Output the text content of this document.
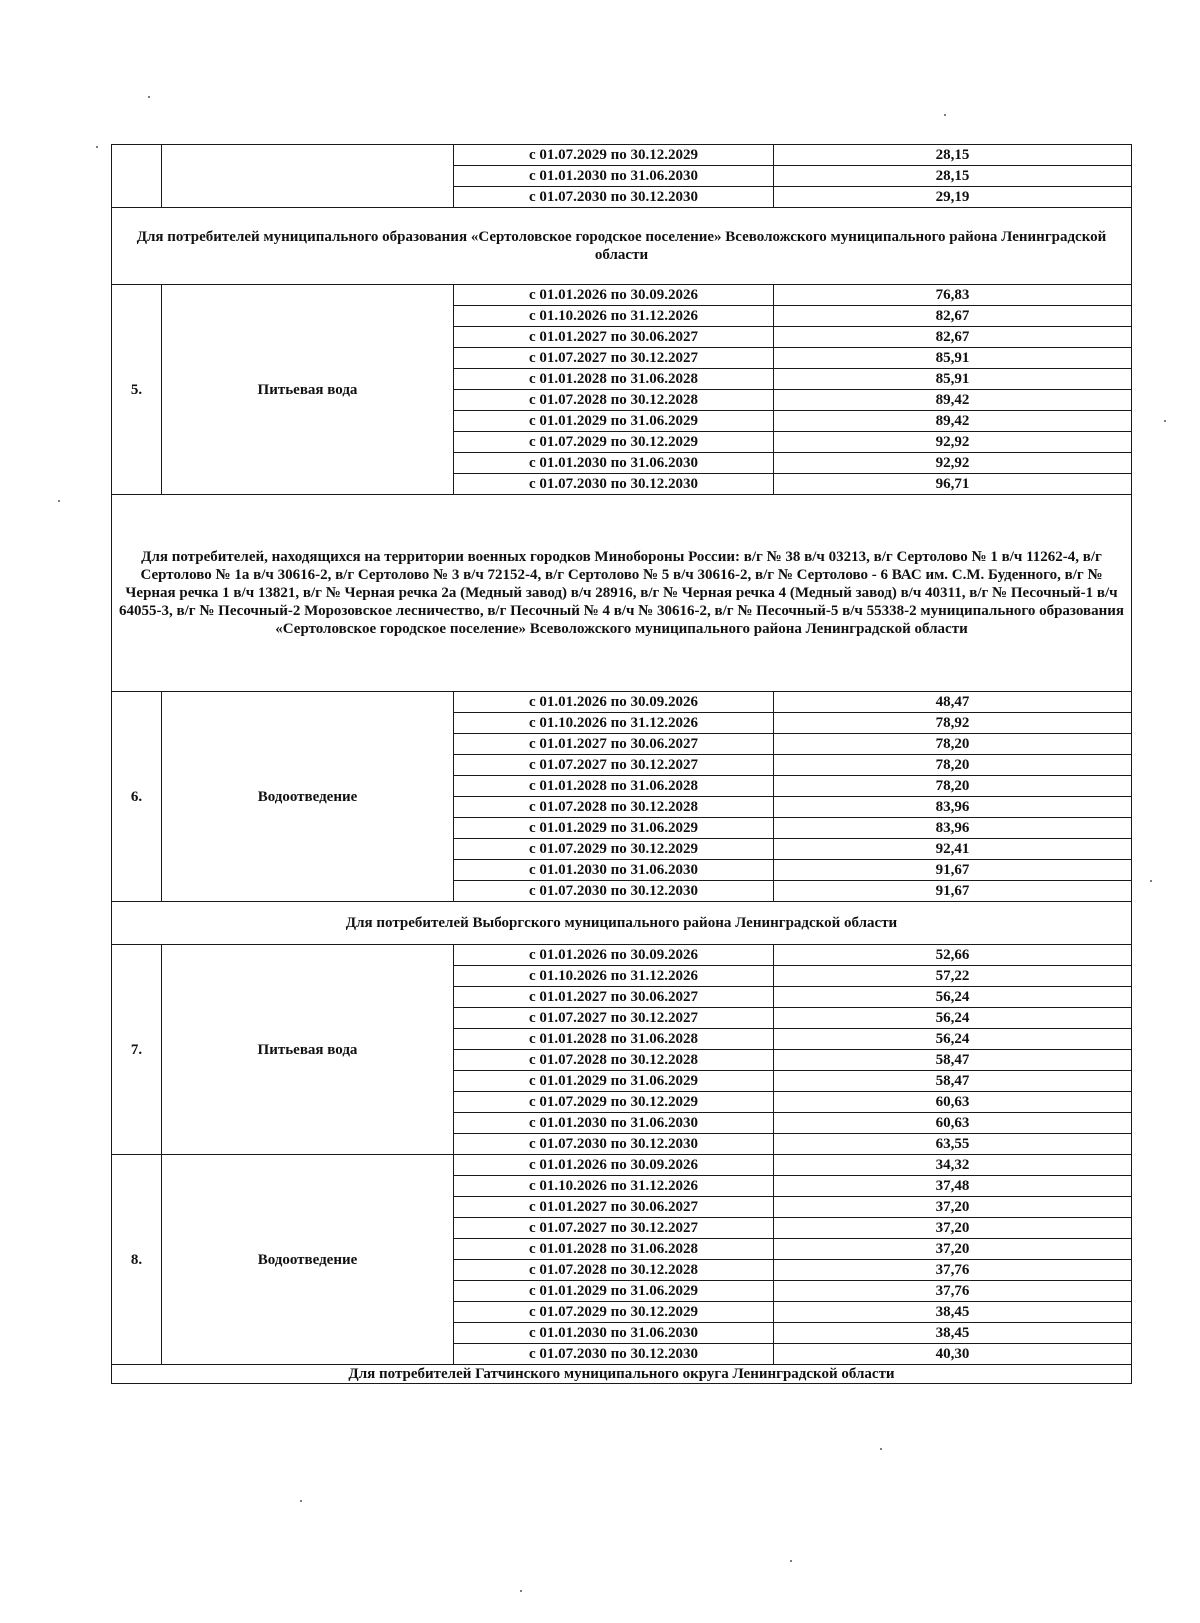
		с 01.07.2029 по 30.12.2029	28,15
		с 01.01.2030 по 31.06.2030	28,15
		с 01.07.2030 по 30.12.2030	29,19
Для потребителей муниципального образования «Сертоловское городское поселение» Всеволожского муниципального района Ленинградской области			
5.	Питьевая вода	с 01.01.2026 по 30.09.2026	76,83
		с 01.10.2026 по 31.12.2026	82,67
		с 01.01.2027 по 30.06.2027	82,67
		с 01.07.2027 по 30.12.2027	85,91
		с 01.01.2028 по 31.06.2028	85,91
		с 01.07.2028 по 30.12.2028	89,42
		с 01.01.2029 по 31.06.2029	89,42
		с 01.07.2029 по 30.12.2029	92,92
		с 01.01.2030 по 31.06.2030	92,92
		с 01.07.2030 по 30.12.2030	96,71
Для потребителей, находящихся на территории военных городков Минобороны России: в/г № 38 в/ч 03213, в/г Сертолово № 1 в/ч 11262-4, в/г Сертолово № 1а в/ч 30616-2, в/г Сертолово № 3 в/ч 72152-4, в/г Сертолово № 5 в/ч 30616-2, в/г № Сертолово - 6 ВАС им. С.М. Буденного, в/г № Черная речка 1 в/ч 13821, в/г № Черная речка 2а (Медный завод) в/ч 28916, в/г № Черная речка 4 (Медный завод) в/ч 40311, в/г № Песочный-1 в/ч 64055-3, в/г № Песочный-2 Морозовское лесничество, в/г Песочный № 4 в/ч № 30616-2, в/г № Песочный-5 в/ч 55338-2 муниципального образования «Сертоловское городское поселение» Всеволожского муниципального района Ленинградской области			
6.	Водоотведение	с 01.01.2026 по 30.09.2026	48,47
		с 01.10.2026 по 31.12.2026	78,92
		с 01.01.2027 по 30.06.2027	78,20
		с 01.07.2027 по 30.12.2027	78,20
		с 01.01.2028 по 31.06.2028	78,20
		с 01.07.2028 по 30.12.2028	83,96
		с 01.01.2029 по 31.06.2029	83,96
		с 01.07.2029 по 30.12.2029	92,41
		с 01.01.2030 по 31.06.2030	91,67
		с 01.07.2030 по 30.12.2030	91,67
Для потребителей Выборгского муниципального района Ленинградской области			
7.	Питьевая вода	с 01.01.2026 по 30.09.2026	52,66
		с 01.10.2026 по 31.12.2026	57,22
		с 01.01.2027 по 30.06.2027	56,24
		с 01.07.2027 по 30.12.2027	56,24
		с 01.01.2028 по 31.06.2028	56,24
		с 01.07.2028 по 30.12.2028	58,47
		с 01.01.2029 по 31.06.2029	58,47
		с 01.07.2029 по 30.12.2029	60,63
		с 01.01.2030 по 31.06.2030	60,63
		с 01.07.2030 по 30.12.2030	63,55
8.	Водоотведение	с 01.01.2026 по 30.09.2026	34,32
		с 01.10.2026 по 31.12.2026	37,48
		с 01.01.2027 по 30.06.2027	37,20
		с 01.07.2027 по 30.12.2027	37,20
		с 01.01.2028 по 31.06.2028	37,20
		с 01.07.2028 по 30.12.2028	37,76
		с 01.01.2029 по 31.06.2029	37,76
		с 01.07.2029 по 30.12.2029	38,45
		с 01.01.2030 по 31.06.2030	38,45
		с 01.07.2030 по 30.12.2030	40,30
Для потребителей Гатчинского муниципального округа Ленинградской области			
